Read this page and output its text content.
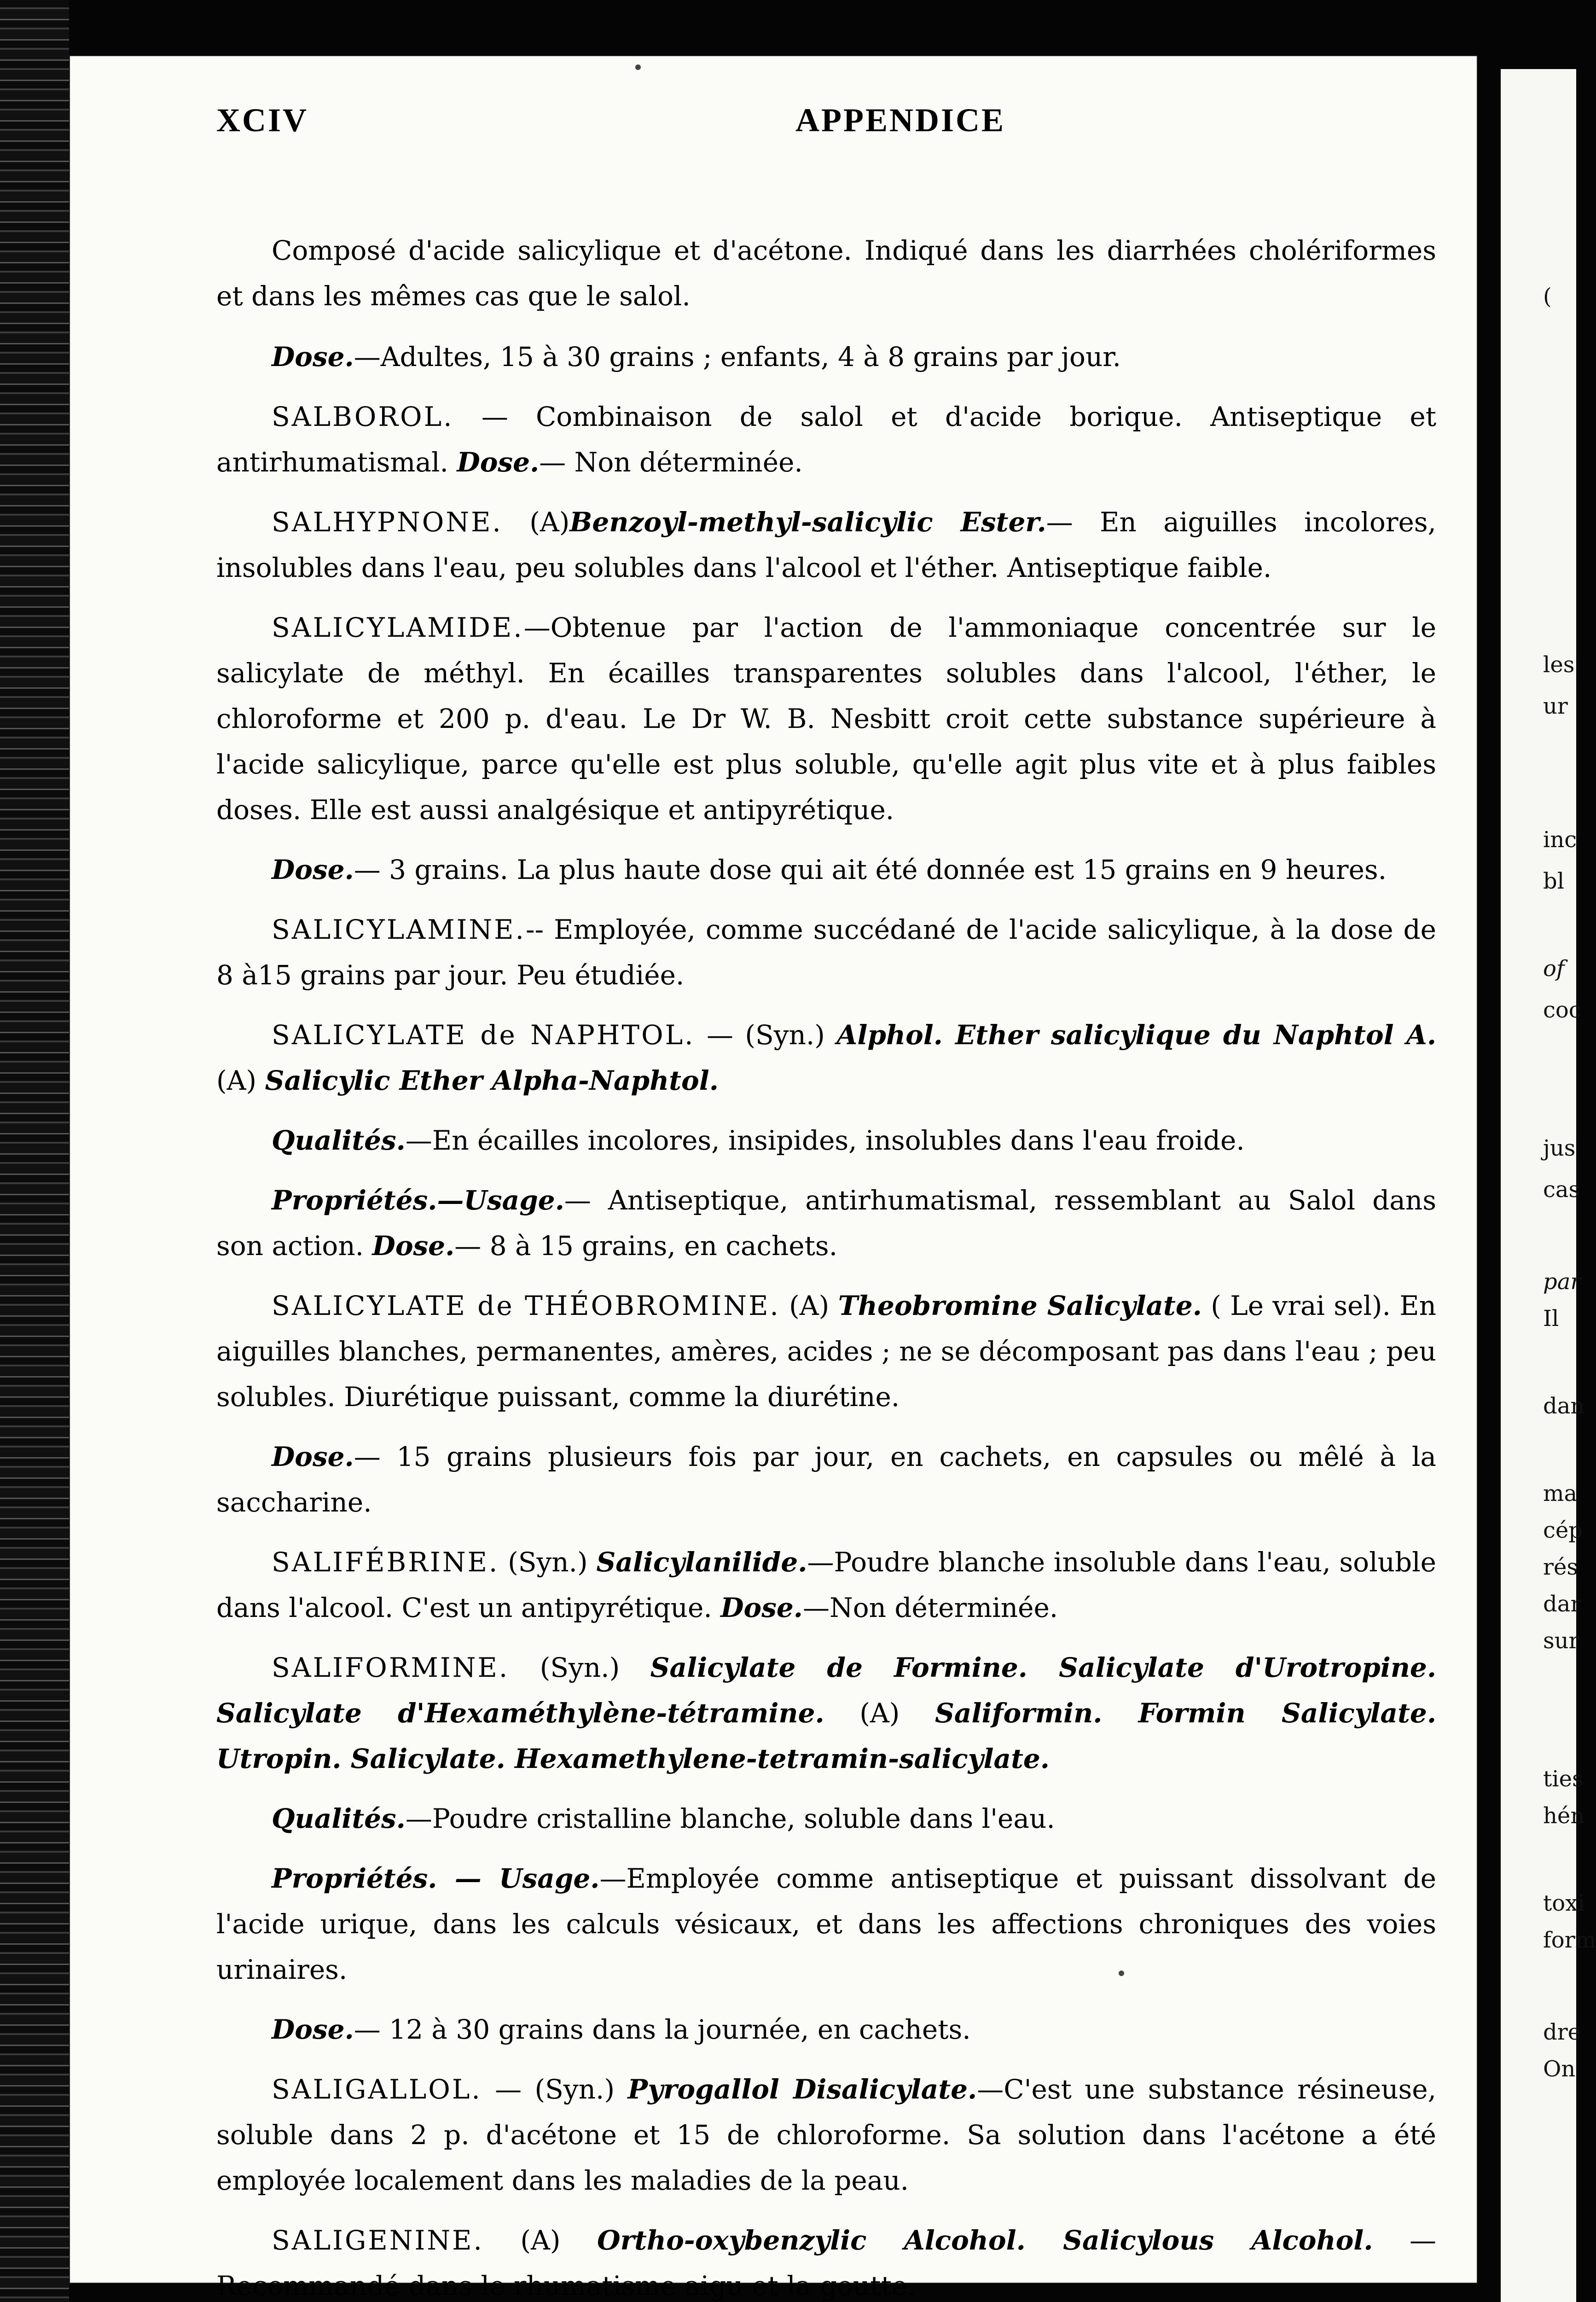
XCIV	APPENDICE

Composé d'acide salicylique et d'acétone. Indiqué dans les diarrhées cholériformes et dans les mêmes cas que le salol.

Dose.—Adultes, 15 à 30 grains ; enfants, 4 à 8 grains par jour.

SALBOROL. — Combinaison de salol et d'acide borique. Antiseptique et antirhumatismal. Dose.— Non déterminée.

SALHYPNONE. (A)Benzoyl-methyl-salicylic Ester.— En aiguilles incolores, insolubles dans l'eau, peu solubles dans l'alcool et l'éther. Antiseptique faible.

SALICYLAMIDE.—Obtenue par l'action de l'ammoniaque concentrée sur le salicylate de méthyl. En écailles transparentes solubles dans l'alcool, l'éther, le chloroforme et 200 p. d'eau. Le Dr W. B. Nesbitt croit cette substance supérieure à l'acide salicylique, parce qu'elle est plus soluble, qu'elle agit plus vite et à plus faibles doses. Elle est aussi analgésique et antipyrétique.

Dose.— 3 grains. La plus haute dose qui ait été donnée est 15 grains en 9 heures.

SALICYLAMINE.-- Employée, comme succédané de l'acide salicylique, à la dose de 8 à15 grains par jour. Peu étudiée.

SALICYLATE de NAPHTOL. — (Syn.) Alphol. Ether salicylique du Naphtol A. (A) Salicylic Ether Alpha-Naphtol.

Qualités.—En écailles incolores, insipides, insolubles dans l'eau froide.

Propriétés.—Usage.— Antiseptique, antirhumatismal, ressemblant au Salol dans son action. Dose.— 8 à 15 grains, en cachets.

SALICYLATE de THÉOBROMINE. (A) Theobromine Salicylate. ( Le vrai sel). En aiguilles blanches, permanentes, amères, acides ; ne se décomposant pas dans l'eau ; peu solubles. Diurétique puissant, comme la diurétine.

Dose.— 15 grains plusieurs fois par jour, en cachets, en capsules ou mêlé à la saccharine.

SALIFÉBRINE. (Syn.) Salicylanilide.—Poudre blanche insoluble dans l'eau, soluble dans l'alcool. C'est un antipyrétique. Dose.—Non déterminée.

SALIFORMINE. (Syn.) Salicylate de Formine. Salicylate d'Urotropine. Salicylate d'Hexaméthylène-tétramine. (A) Saliformin. Formin Salicylate. Utropin. Salicylate. Hexamethylene-tetramin-salicylate.

Qualités.—Poudre cristalline blanche, soluble dans l'eau.

Propriétés. — Usage.—Employée comme antiseptique et puissant dissolvant de l'acide urique, dans les calculs vésicaux, et dans les affections chroniques des voies urinaires.

Dose.— 12 à 30 grains dans la journée, en cachets.

SALIGALLOL. — (Syn.) Pyrogallol Disalicylate.—C'est une substance résineuse, soluble dans 2 p. d'acétone et 15 de chloroforme. Sa solution dans l'acétone a été employée localement dans les maladies de la peau.

SALIGENINE. (A) Ortho-oxybenzylic Alcohol. Salicylous Alcohol. — Recommandé dans le rhumatisme aigu et la goutte.

(
les
ur
inc
bl
of
coc
jus
cas
par
Il
dan
ma
cép
rés
dar
sur
ties
hén
toxi
form
dre
On
